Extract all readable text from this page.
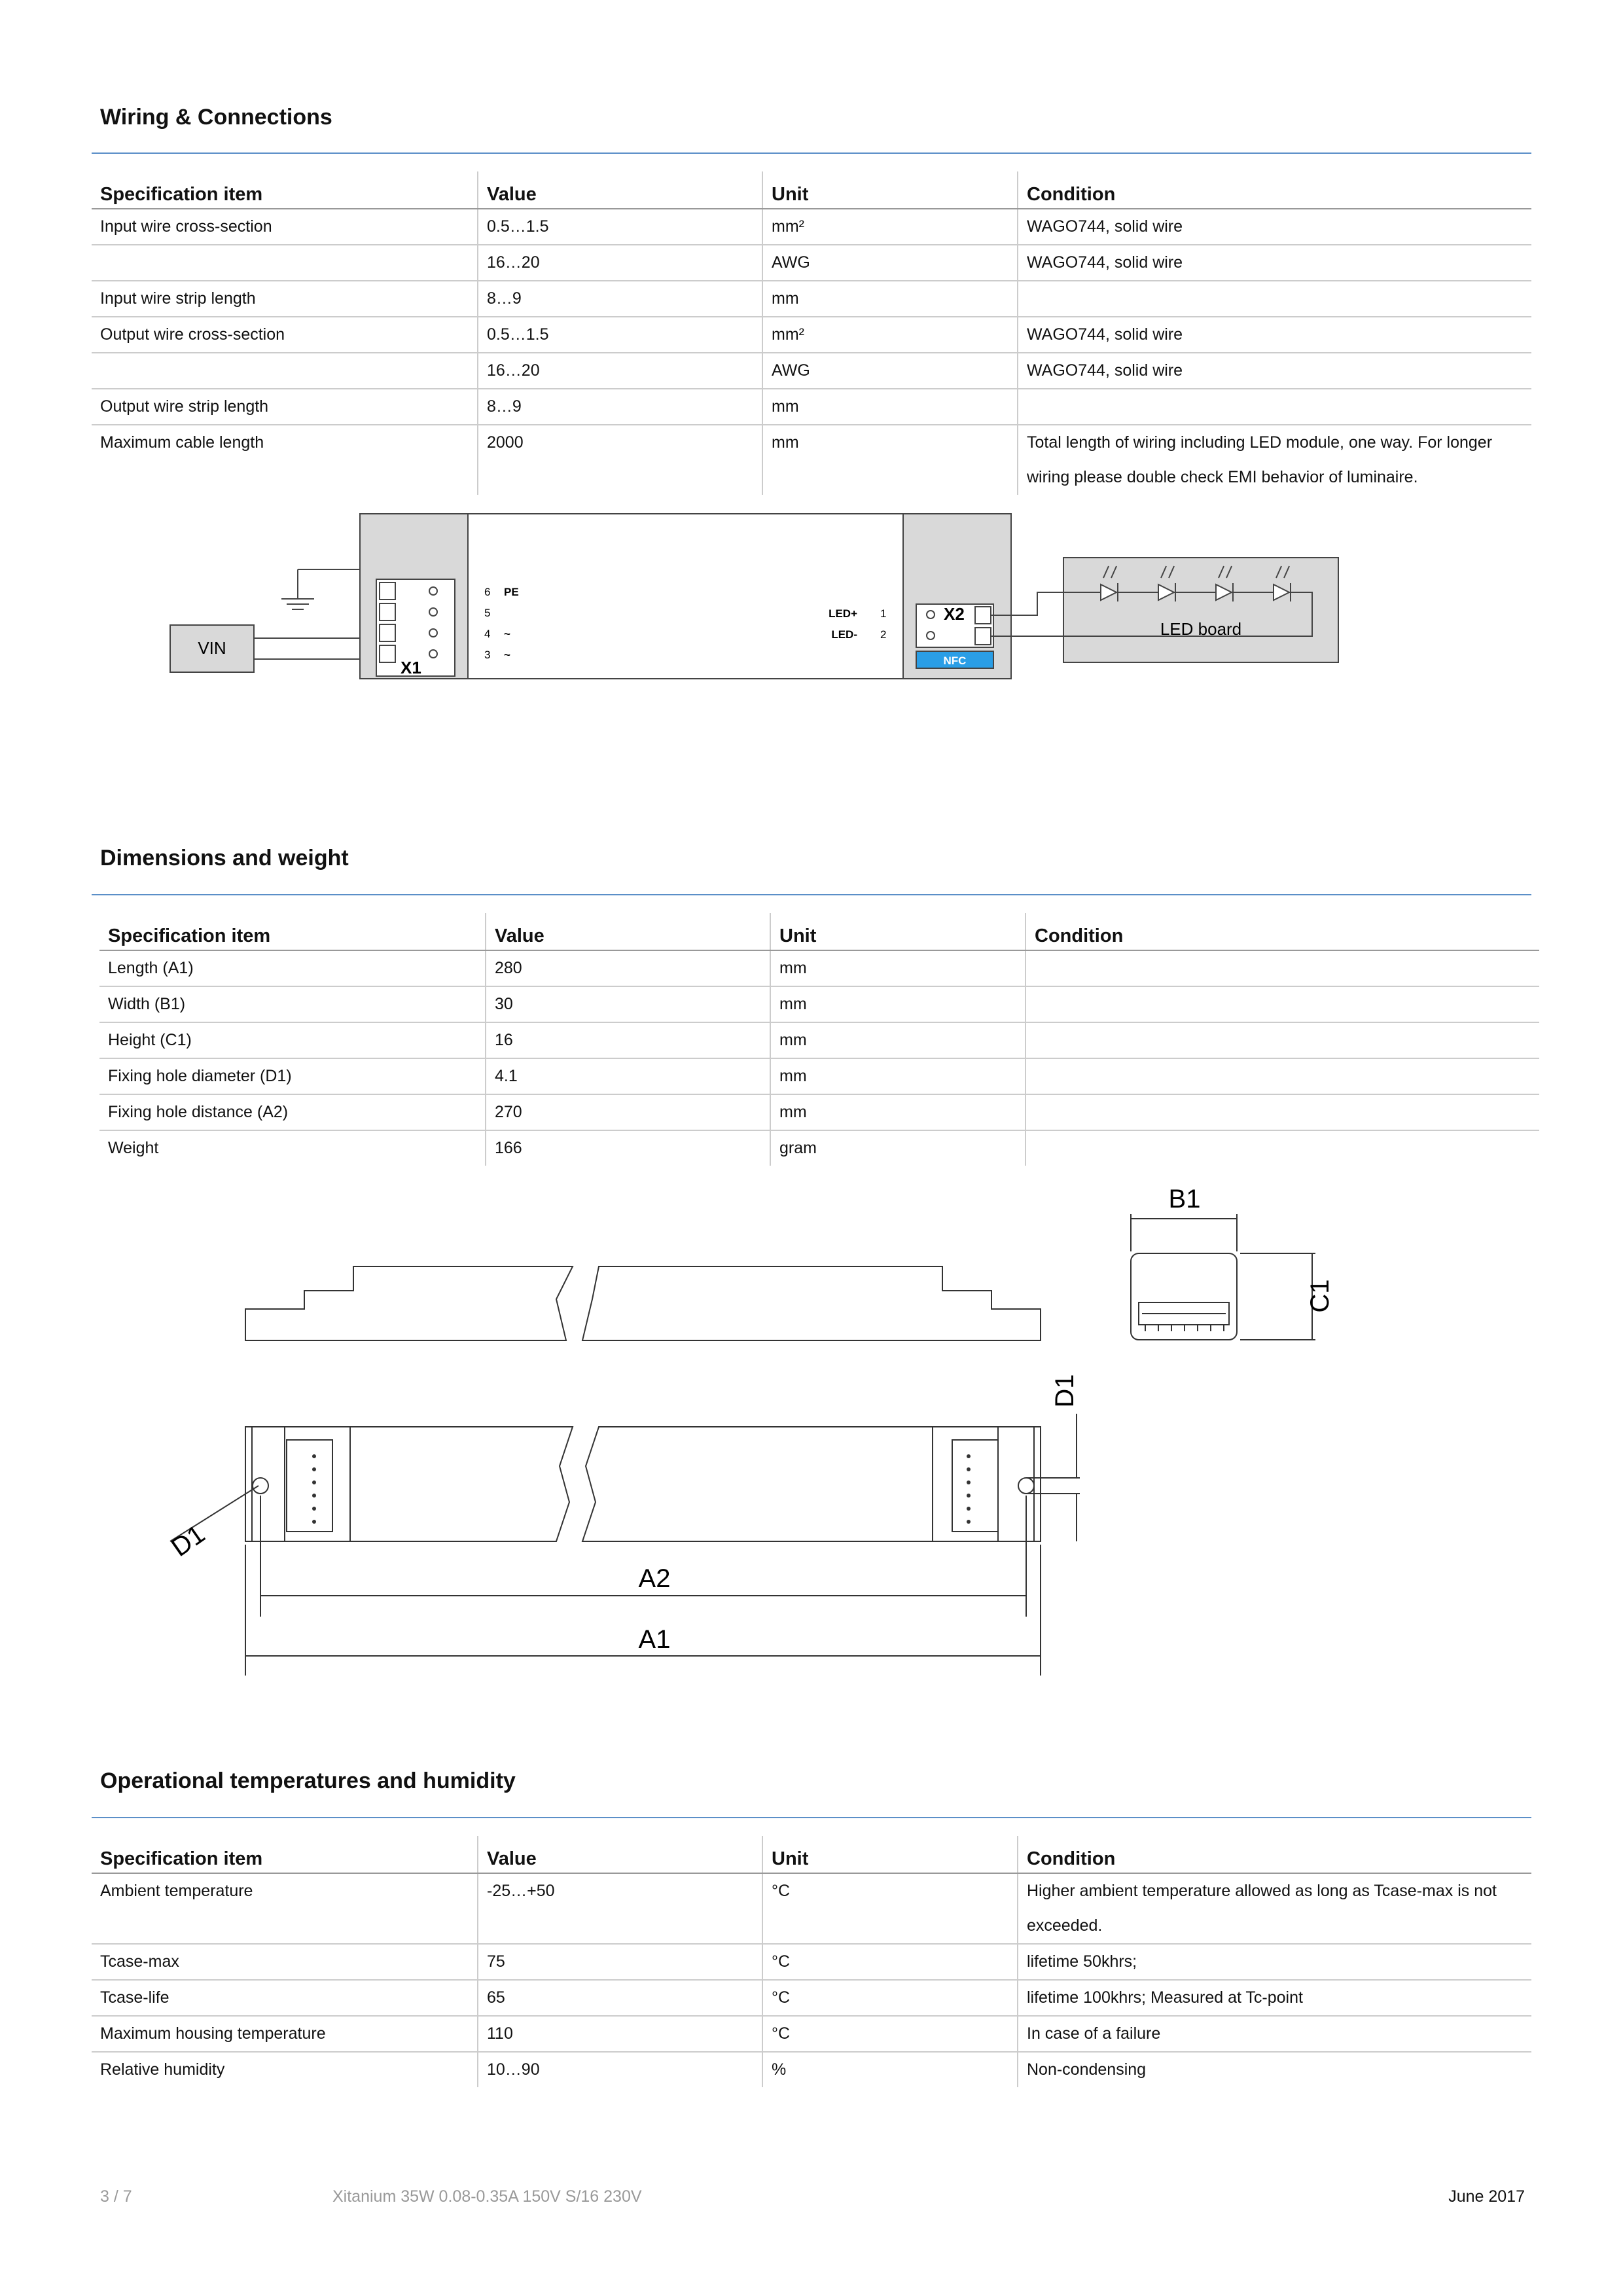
Wiring & Connections
Specification item	Value	Unit	Condition
Input wire cross-section	0.5…1.5	mm²	WAGO744, solid wire
	16…20	AWG	WAGO744, solid wire
Input wire strip length	8…9	mm	
Output wire cross-section	0.5…1.5	mm²	WAGO744, solid wire
	16…20	AWG	WAGO744, solid wire
Output wire strip length	8…9	mm	
Maximum cable length	2000	mm	Total length of wiring including LED module, one way. For longer wiring please double check EMI behavior of luminaire.
VIN
X1
6
5
4
3
PE
~
~
LED+
LED-
1
2
X2
NFC
LED board
Dimensions and weight
Specification item	Value	Unit	Condition
Length (A1)	280	mm	
Width (B1)	30	mm	
Height (C1)	16	mm	
Fixing hole diameter (D1)	4.1	mm	
Fixing hole distance (A2)	270	mm	
Weight	166	gram	
B1
C1
D1
D1
A2
A1
Operational temperatures and humidity
Specification item	Value	Unit	Condition
Ambient temperature	-25…+50	°C	Higher ambient temperature allowed as long as Tcase-max is not exceeded.
Tcase-max	75	°C	lifetime 50khrs;
Tcase-life	65	°C	lifetime 100khrs; Measured at Tc-point
Maximum housing temperature	110	°C	In case of a failure
Relative humidity	10…90	%	Non-condensing
3 / 7	Xitanium 35W 0.08-0.35A 150V S/16 230V	June 2017
